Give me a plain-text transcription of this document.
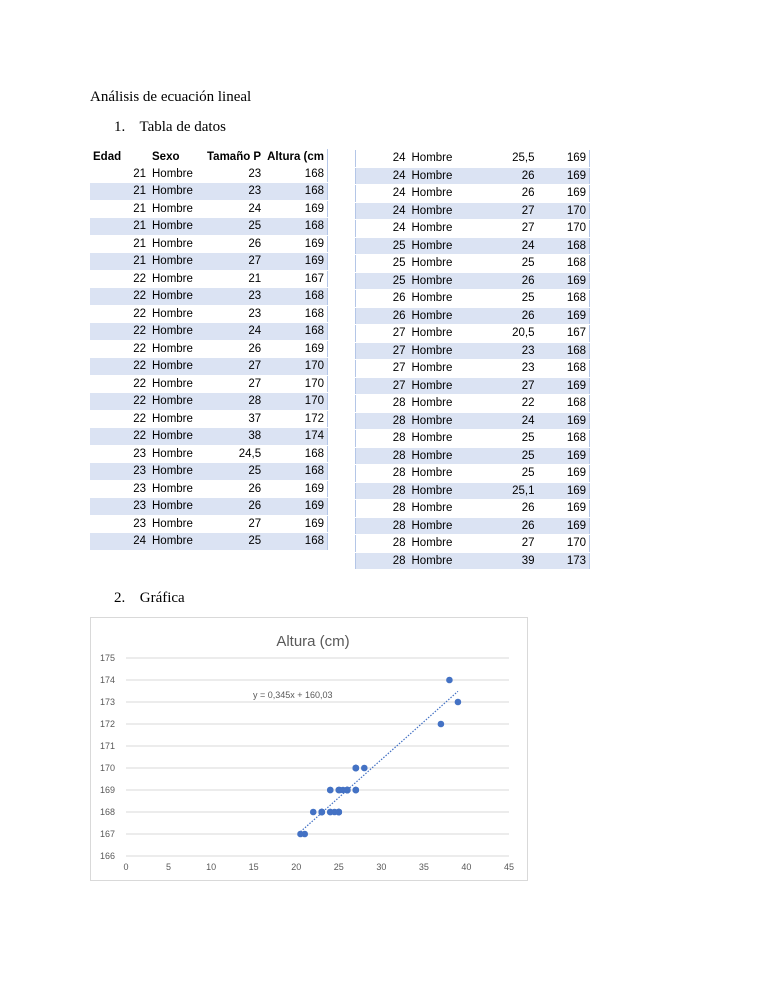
Análisis de ecuación lineal
1. Tabla de datos
Edad	Sexo	Tamaño P	Altura (cm
21	Hombre	23	168
21	Hombre	23	168
21	Hombre	24	169
21	Hombre	25	168
21	Hombre	26	169
21	Hombre	27	169
22	Hombre	21	167
22	Hombre	23	168
22	Hombre	23	168
22	Hombre	24	168
22	Hombre	26	169
22	Hombre	27	170
22	Hombre	27	170
22	Hombre	28	170
22	Hombre	37	172
22	Hombre	38	174
23	Hombre	24,5	168
23	Hombre	25	168
23	Hombre	26	169
23	Hombre	26	169
23	Hombre	27	169
24	Hombre	25	168
24	Hombre	25,5	169
24	Hombre	26	169
24	Hombre	26	169
24	Hombre	27	170
24	Hombre	27	170
25	Hombre	24	168
25	Hombre	25	168
25	Hombre	26	169
26	Hombre	25	168
26	Hombre	26	169
27	Hombre	20,5	167
27	Hombre	23	168
27	Hombre	23	168
27	Hombre	27	169
28	Hombre	22	168
28	Hombre	24	169
28	Hombre	25	168
28	Hombre	25	169
28	Hombre	25	169
28	Hombre	25,1	169
28	Hombre	26	169
28	Hombre	26	169
28	Hombre	27	170
28	Hombre	39	173
2. Gráfica
Altura (cm)
166
167
168
169
170
171
172
173
174
175
0	5	10	15	20	25	30	35	40	45
y = 0,345x + 160,03
